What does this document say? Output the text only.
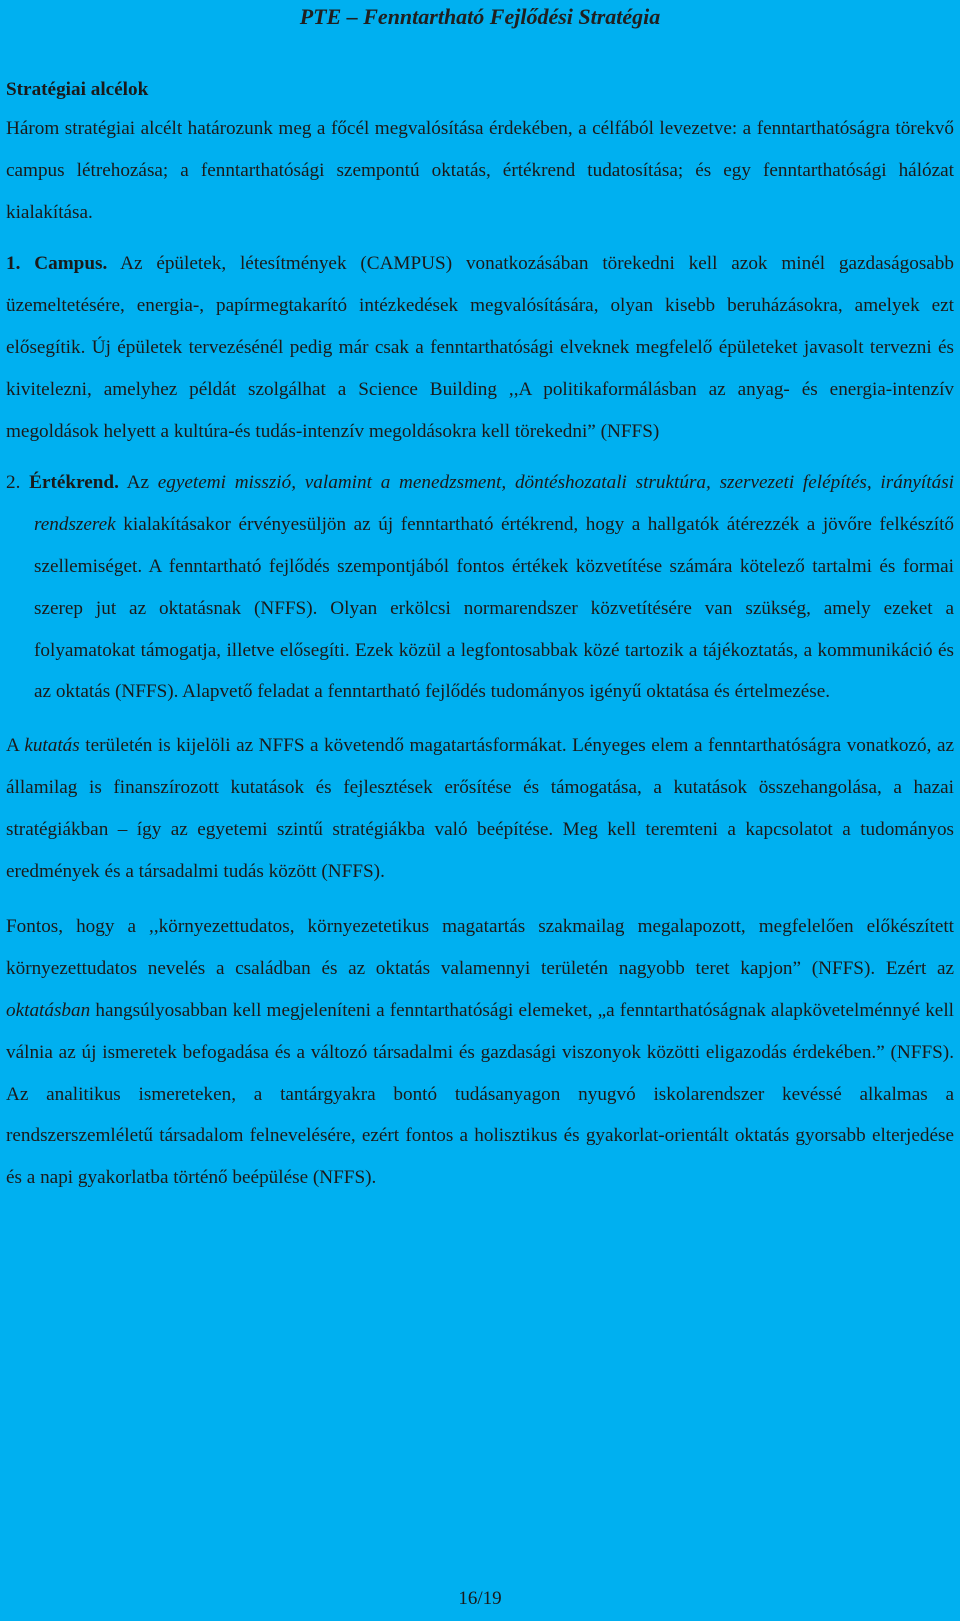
PTE – Fenntartható Fejlődési Stratégia

Stratégiai alcélok

Három stratégiai alcélt határozunk meg a főcél megvalósítása érdekében, a célfából levezetve: a fenntarthatóságra törekvő campus létrehozása; a fenntarthatósági szempontú oktatás, értékrend tudatosítása; és egy fenntarthatósági hálózat kialakítása.

1. Campus. Az épületek, létesítmények (CAMPUS) vonatkozásában törekedni kell azok minél gazdaságosabb üzemeltetésére, energia-, papírmegtakarító intézkedések megvalósítására, olyan kisebb beruházásokra, amelyek ezt elősegítik. Új épületek tervezésénél pedig már csak a fenntarthatósági elveknek megfelelő épületeket javasolt tervezni és kivitelezni, amelyhez példát szolgálhat a Science Building ,,A politikaformálásban az anyag- és energia-intenzív megoldások helyett a kultúra-és tudás-intenzív megoldásokra kell törekedni” (NFFS)

2. Értékrend. Az egyetemi misszió, valamint a menedzsment, döntéshozatali struktúra, szervezeti felépítés, irányítási rendszerek kialakításakor érvényesüljön az új fenntartható értékrend, hogy a hallgatók átérezzék a jövőre felkészítő szellemiséget. A fenntartható fejlődés szempontjából fontos értékek közvetítése számára kötelező tartalmi és formai szerep jut az oktatásnak (NFFS). Olyan erkölcsi normarendszer közvetítésére van szükség, amely ezeket a folyamatokat támogatja, illetve elősegíti. Ezek közül a legfontosabbak közé tartozik a tájékoztatás, a kommunikáció és az oktatás (NFFS). Alapvető feladat a fenntartható fejlődés tudományos igényű oktatása és értelmezése.

A kutatás területén is kijelöli az NFFS a követendő magatartásformákat. Lényeges elem a fenntarthatóságra vonatkozó, az államilag is finanszírozott kutatások és fejlesztések erősítése és támogatása, a kutatások összehangolása, a hazai stratégiákban – így az egyetemi szintű stratégiákba való beépítése. Meg kell teremteni a kapcsolatot a tudományos eredmények és a társadalmi tudás között (NFFS).

Fontos, hogy a ,,környezettudatos, környezetetikus magatartás szakmailag megalapozott, megfelelően előkészített környezettudatos nevelés a családban és az oktatás valamennyi területén nagyobb teret kapjon” (NFFS). Ezért az oktatásban hangsúlyosabban kell megjeleníteni a fenntarthatósági elemeket, „a fenntarthatóságnak alapkövetelménnyé kell válnia az új ismeretek befogadása és a változó társadalmi és gazdasági viszonyok közötti eligazodás érdekében.” (NFFS). Az analitikus ismereteken, a tantárgyakra bontó tudásanyagon nyugvó iskolarendszer kevéssé alkalmas a rendszerszemléletű társadalom felnevelésére, ezért fontos a holisztikus és gyakorlat-orientált oktatás gyorsabb elterjedése és a napi gyakorlatba történő beépülése (NFFS).

16/19
